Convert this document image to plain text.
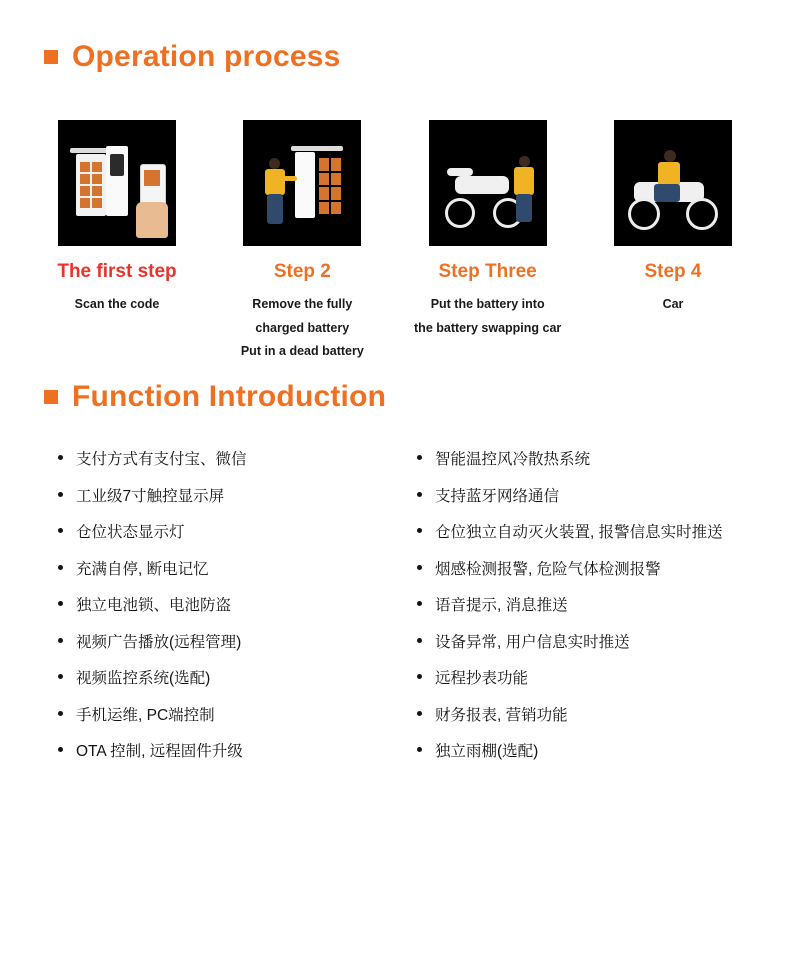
Operation process
The first step
Scan the code
Step 2
Remove the fully
charged battery
Put in a dead battery
Step Three
Put the battery into
the battery swapping car
Step 4
Car
Function Introduction
支付方式有支付宝、微信
工业级7寸触控显示屏
仓位状态显示灯
充满自停, 断电记忆
独立电池锁、电池防盗
视频广告播放(远程管理)
视频监控系统(选配)
手机运维, PC端控制
OTA 控制, 远程固件升级
智能温控风冷散热系统
支持蓝牙网络通信
仓位独立自动灭火装置, 报警信息实时推送
烟感检测报警, 危险气体检测报警
语音提示, 消息推送
设备异常, 用户信息实时推送
远程抄表功能
财务报表, 营销功能
独立雨棚(选配)
